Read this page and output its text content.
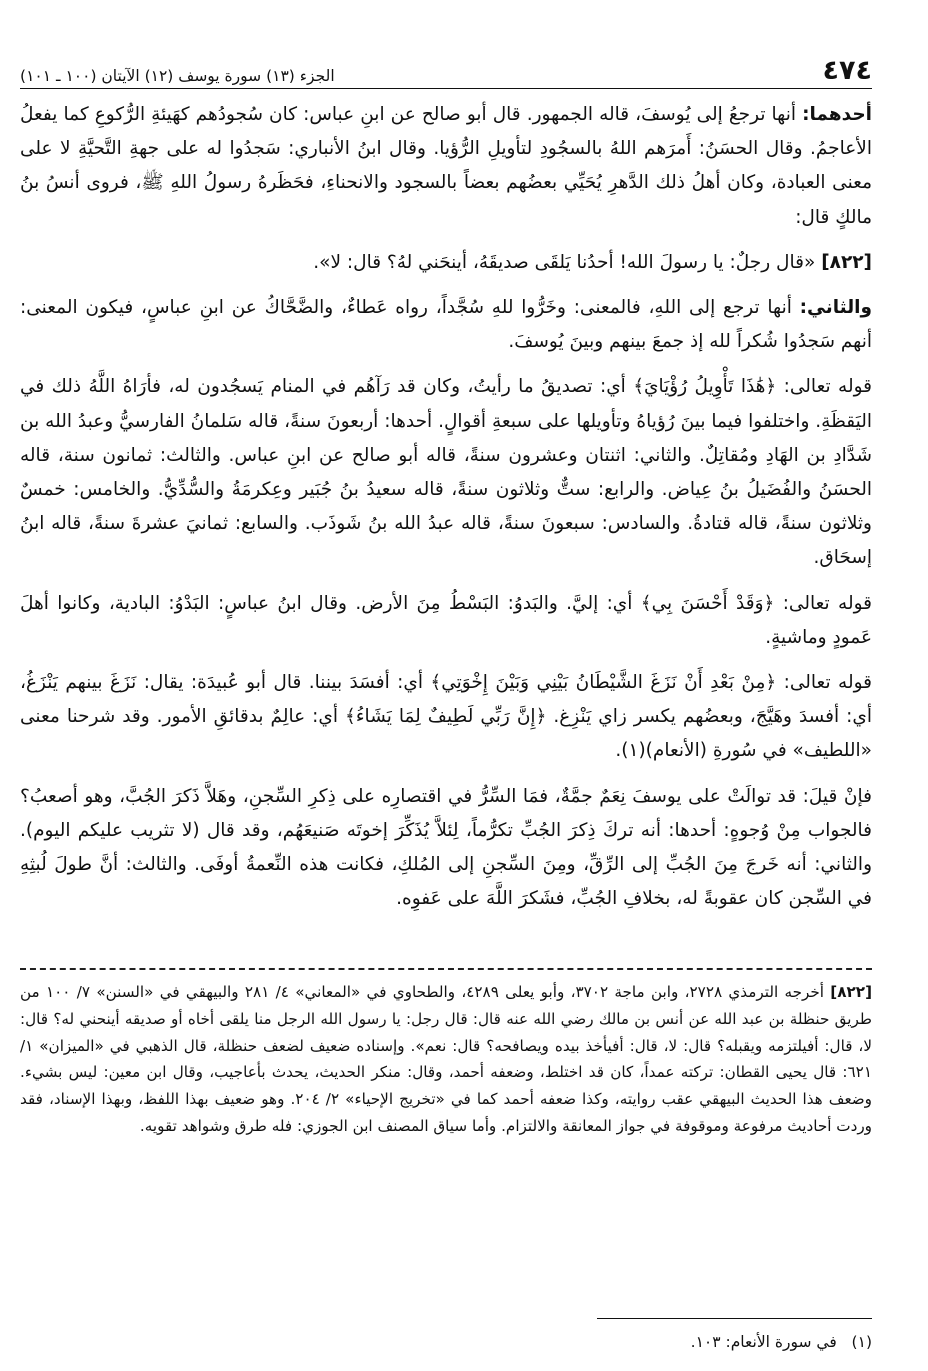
٤٧٤
الجزء (١٣) سورة يوسف (١٢) الآيتان (١٠٠ ـ ١٠١)

أحدهما: أنها ترجعُ إلى يُوسفَ، قاله الجمهور. قال أبو صالح عن ابنِ عباس: كان سُجودُهم كهَيئةِ الرُّكوعِ كما يفعلُ الأعاجمُ. وقال الحسَنُ: أَمرَهم اللهُ بالسجُودِ لتأويلِ الرُّؤيا. وقال ابنُ الأنباري: سَجدُوا له على جهةِ التَّحيَّةِ لا على معنى العبادة، وكان أهلُ ذلك الدَّهرِ يُحَيِّي بعضُهم بعضاً بالسجود والانحناءِ، فحَظَرهُ رسولُ اللهِ ﷺ، فروى أنسُ بنُ مالكٍ قال:

[٨٢٢] «قال رجلٌ: يا رسولَ الله! أحدُنا يَلقَى صديقَهُ، أينحَني لهُ؟ قال: لا».

والثاني: أنها ترجع إلى اللهِ، فالمعنى: وخَرُّوا للهِ سُجَّداً، رواه عَطاءٌ، والضَّحَّاكُ عن ابنِ عباسٍ، فيكون المعنى: أنهم سَجدُوا شُكراً لله إذ جمعَ بينهم وبينَ يُوسفَ.

قوله تعالى: ﴿هَٰذَا تَأْوِيلُ رُؤْيَايَ﴾ أي: تصديقُ ما رأيتُ، وكان قد رَآهُم في المنام يَسجُدون له، فأرَاهُ اللَّهُ ذلك في اليَقظَةِ. واختلفوا فيما بينَ رُؤياهُ وتأويلها على سبعةِ أقوالٍ. أحدها: أربعونَ سنةً، قاله سَلمانُ الفارسيُّ وعبدُ الله بن شَدَّادِ بن الهَادِ ومُقاتِلٌ. والثاني: اثنتان وعشرون سنةً، قاله أبو صالح عن ابنِ عباس. والثالث: ثمانون سنة، قاله الحسَنُ والفُضَيلُ بنُ عِياض. والرابع: ستٌّ وثلاثون سنةً، قاله سعيدُ بنُ جُبَير وعِكرمَةُ والسُّدِّيُّ. والخامس: خمسٌ وثلاثون سنةً، قاله قتادةُ. والسادس: سبعونَ سنةً، قاله عبدُ الله بنُ شَوذَب. والسابع: ثمانيَ عشرةَ سنةً، قاله ابنُ إسحَاق.

قوله تعالى: ﴿وَقَدْ أَحْسَنَ بِي﴾ أي: إليَّ. والبَدوُ: البَسْطُ مِنَ الأرض. وقال ابنُ عباسٍ: البَدْوُ: البادية، وكانوا أهلَ عَمودٍ وماشيةٍ.

قوله تعالى: ﴿مِنْ بَعْدِ أَنْ نَزَغَ الشَّيْطَانُ بَيْنِي وَبَيْنَ إِخْوَتِي﴾ أي: أفسَدَ بيننا. قال أبو عُبيدَة: يقال: نَزَغَ بينهم يَنْزَغُ، أي: أفسدَ وهَيَّجَ، وبعضُهم يكسر زاي يَنْزِغ. ﴿إِنَّ رَبِّي لَطِيفٌ لِمَا يَشَاءُ﴾ أي: عالِمٌ بدقائقِ الأمور. وقد شرحنا معنى «اللطيف» في سُورةِ (الأنعام)(١).

فإنْ قيلَ: قد توالَتْ على يوسفَ نِعَمٌ جمَّةٌ، فمَا السِّرُّ في اقتصارِه على ذِكرِ السِّجنِ، وهَلاَّ ذَكرَ الجُبَّ، وهو أصعبُ؟ فالجواب مِنْ وُجوهٍ: أحدها: أنه تركَ ذِكرَ الجُبِّ تكرُّماً، لِئلاَّ يُذَكِّرَ إخوتَه صَنيعَهُم، وقد قال (لا تثريب عليكم اليوم). والثاني: أنه خَرجَ مِنَ الجُبِّ إلى الرِّقِّ، ومِنَ السِّجنِ إلى المُلكِ، فكانت هذه النِّعمةُ أوفَى. والثالث: أنَّ طولَ لُبثِهِ في السِّجن كان عقوبةً له، بخلافِ الجُبِّ، فشَكرَ اللَّهَ على عَفوِه.

[٨٢٢] أخرجه الترمذي ٢٧٢٨، وابن ماجة ٣٧٠٢، وأبو يعلى ٤٢٨٩، والطحاوي في «المعاني» ٤/ ٢٨١ والبيهقي في «السنن» ٧/ ١٠٠ من طريق حنظلة بن عبد الله عن أنس بن مالك رضي الله عنه قال: قال رجل: يا رسول الله الرجل منا يلقى أخاه أو صديقه أينحني له؟ قال: لا، قال: أفيلتزمه ويقبله؟ قال: لا، قال: أفيأخذ بيده ويصافحه؟ قال: نعم». وإسناده ضعيف لضعف حنظلة، قال الذهبي في «الميزان» ١/ ٦٢١: قال يحيى القطان: تركته عمداً، كان قد اختلط، وضعفه أحمد، وقال: منكر الحديث، يحدث بأعاجيب، وقال ابن معين: ليس بشيء. وضعف هذا الحديث البيهقي عقب روايته، وكذا ضعفه أحمد كما في «تخريج الإحياء» ٢/ ٢٠٤. وهو ضعيف بهذا اللفظ، وبهذا الإسناد، فقد وردت أحاديث مرفوعة وموقوفة في جواز المعانقة والالتزام. وأما سياق المصنف ابن الجوزي: فله طرق وشواهد تقويه.

(١)   في سورة الأنعام: ١٠٣.
